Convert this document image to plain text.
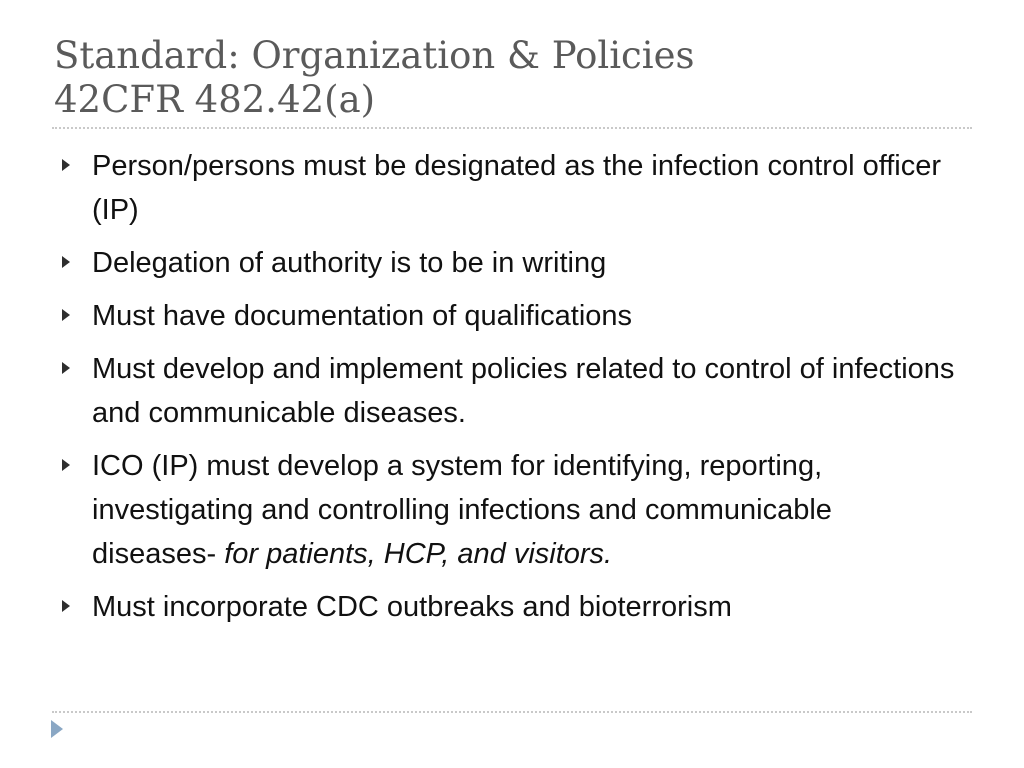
Standard: Organization & Policies
42CFR 482.42(a)
Person/persons must be designated as the infection control officer (IP)
Delegation of authority is to be in writing
Must have documentation of qualifications
Must develop and implement policies related to control of infections and communicable diseases.
ICO (IP) must develop a system for identifying, reporting, investigating and controlling infections and communicable diseases- for patients, HCP, and visitors.
Must incorporate CDC outbreaks and bioterrorism
